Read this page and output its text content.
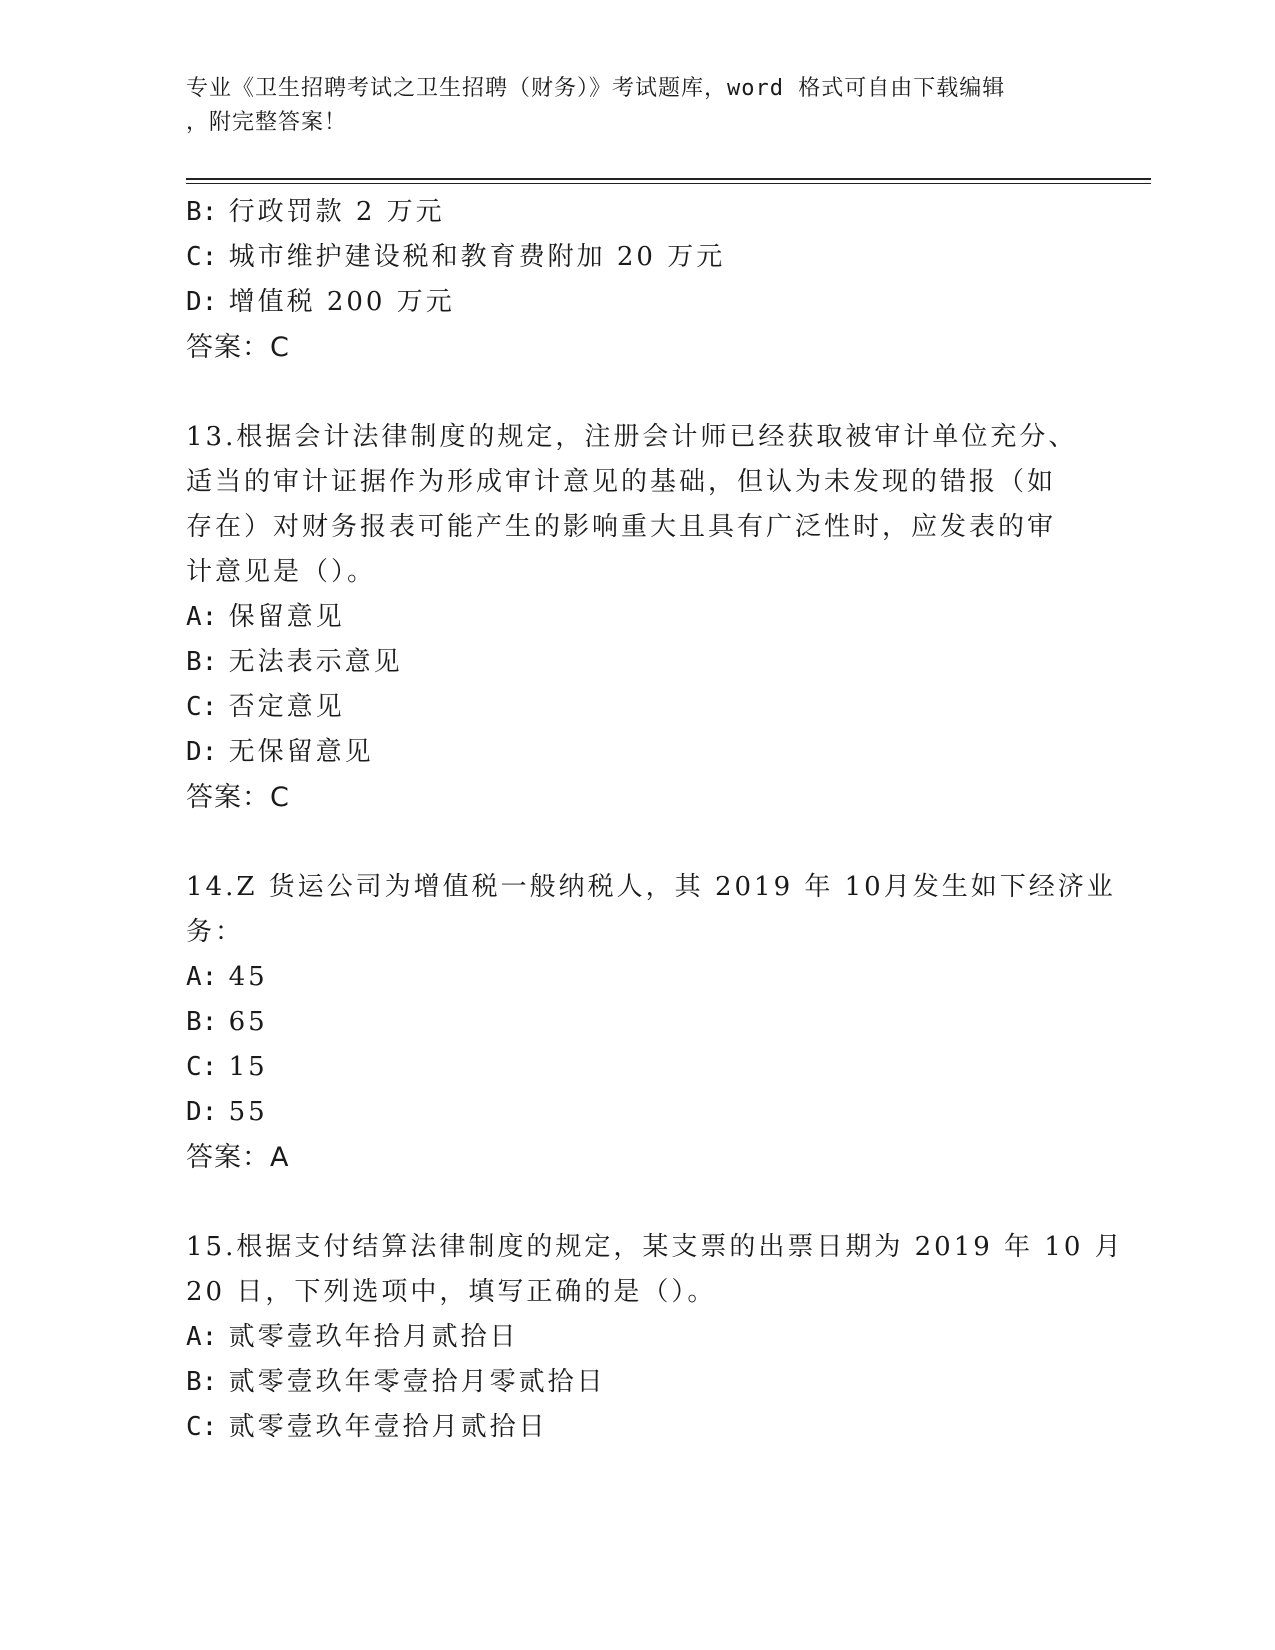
专业《卫生招聘考试之卫生招聘（财务）》考试题库，word 格式可自由下载编辑
，附完整答案！
B: 行政罚款 2 万元
C: 城市维护建设税和教育费附加 20 万元
D: 增值税 200 万元
答案：C
13.根据会计法律制度的规定，注册会计师已经获取被审计单位充分、
适当的审计证据作为形成审计意见的基础，但认为未发现的错报（如
存在）对财务报表可能产生的影响重大且具有广泛性时，应发表的审
计意见是（）。
A: 保留意见
B: 无法表示意见
C: 否定意见
D: 无保留意见
答案：C
14.Z 货运公司为增值税一般纳税人，其 2019 年 10月发生如下经济业
务：
A: 45
B: 65
C: 15
D: 55
答案：A
15.根据支付结算法律制度的规定，某支票的出票日期为 2019 年 10 月
20 日，下列选项中，填写正确的是（）。
A: 贰零壹玖年拾月贰拾日
B: 贰零壹玖年零壹拾月零贰拾日
C: 贰零壹玖年壹拾月贰拾日
